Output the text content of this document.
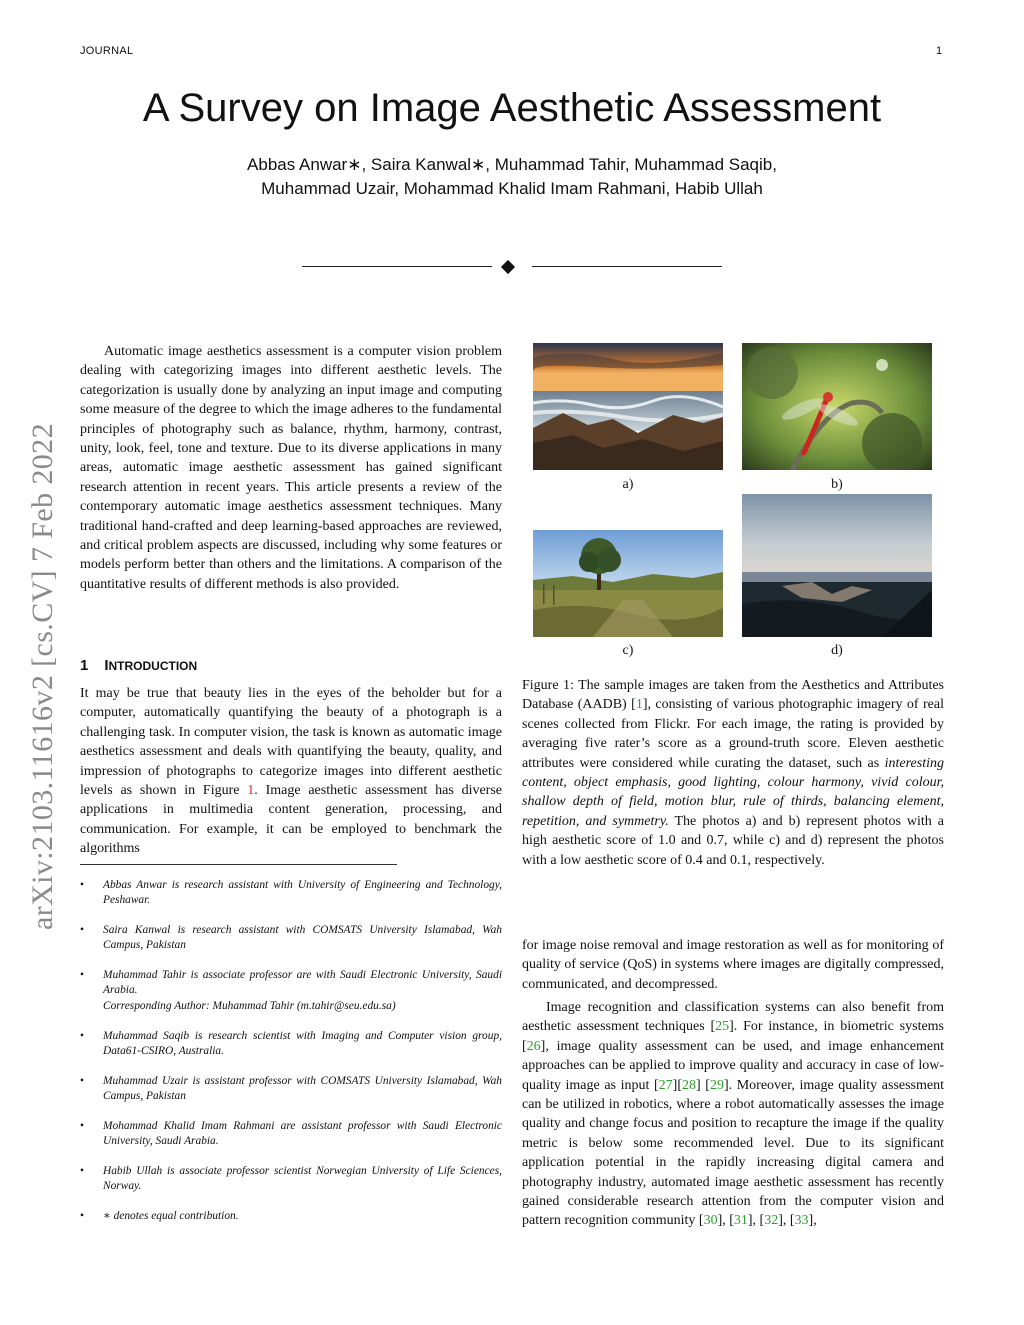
JOURNAL	1
A Survey on Image Aesthetic Assessment
Abbas Anwar∗, Saira Kanwal∗, Muhammad Tahir, Muhammad Saqib,
Muhammad Uzair, Mohammad Khalid Imam Rahmani, Habib Ullah

Automatic image aesthetics assessment is a computer vision problem dealing with categorizing images into different aesthetic levels. The categorization is usually done by analyzing an input image and computing some measure of the degree to which the image adheres to the fundamental principles of photography such as balance, rhythm, harmony, contrast, unity, look, feel, tone and texture. Due to its diverse applications in many areas, automatic image aesthetic assessment has gained significant research attention in recent years. This article presents a review of the contemporary automatic image aesthetics assessment techniques. Many traditional hand-crafted and deep learning-based approaches are reviewed, and critical problem aspects are discussed, including why some features or models perform better than others and the limitations. A comparison of the quantitative results of different methods is also provided.

arXiv:2103.11616v2 [cs.CV] 7 Feb 2022 1 INTRODUCTION

It may be true that beauty lies in the eyes of the beholder but for a computer, automatically quantifying the beauty of a photograph is a challenging task. In computer vision, the task is known as automatic image aesthetics assessment and deals with quantifying the beauty, quality, and impression of photographs to categorize images into different aesthetic levels as shown in Figure 1. Image aesthetic assessment has diverse applications in multimedia content generation, processing, and communication. For example, it can be employed to benchmark the algorithms

• Abbas Anwar is research assistant with University of Engineering and Technology, Peshawar.
• Saira Kanwal is research assistant with COMSATS University Islamabad, Wah Campus, Pakistan
• Muhammad Tahir is associate professor are with Saudi Electronic University, Saudi Arabia.
Corresponding Author: Muhammad Tahir (m.tahir@seu.edu.sa)
• Muhammad Saqib is research scientist with Imaging and Computer vision group, Data61-CSIRO, Australia.
• Muhammad Uzair is assistant professor with COMSATS University Islamabad, Wah Campus, Pakistan
• Mohammad Khalid Imam Rahmani are assistant professor with Saudi Electronic University, Saudi Arabia.
• Habib Ullah is associate professor scientist Norwegian University of Life Sciences, Norway.
• ∗ denotes equal contribution.
a)	b)
c)	d)

Figure 1: The sample images are taken from the Aesthetics and Attributes Database (AADB) [1], consisting of various photographic imagery of real scenes collected from Flickr. For each image, the rating is provided by averaging five rater’s score as a ground-truth score. Eleven aesthetic attributes were considered while curating the dataset, such as interesting content, object emphasis, good lighting, colour harmony, vivid colour, shallow depth of field, motion blur, rule of thirds, balancing element, repetition, and symmetry. The photos a) and b) represent photos with a high aesthetic score of 1.0 and 0.7, while c) and d) represent the photos with a low aesthetic score of 0.4 and 0.1, respectively.

for image noise removal and image restoration as well as for monitoring of quality of service (QoS) in systems where images are digitally compressed, communicated, and decompressed.

Image recognition and classification systems can also benefit from aesthetic assessment techniques [25]. For instance, in biometric systems [26], image quality assessment can be used, and image enhancement approaches can be applied to improve quality and accuracy in case of low-quality image as input [27][28] [29]. Moreover, image quality assessment can be utilized in robotics, where a robot automatically assesses the image quality and change focus and position to recapture the image if the quality metric is below some recommended level. Due to its significant application potential in the rapidly increasing digital camera and photography industry, automated image aesthetic assessment has recently gained considerable research attention from the computer vision and pattern recognition community [30], [31], [32], [33],
